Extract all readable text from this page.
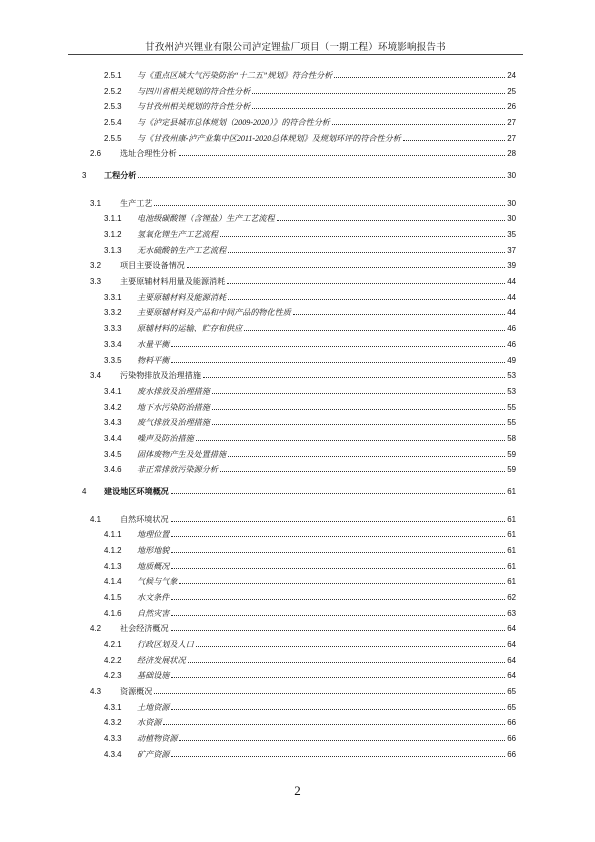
甘孜州泸兴锂业有限公司泸定锂盐厂项目（一期工程）环境影响报告书
2.5.1	与《重点区域大气污染防治“十二五”规划》符合性分析	24
2.5.2	与四川省相关规划的符合性分析	25
2.5.3	与甘孜州相关规划的符合性分析	26
2.5.4	与《泸定县城市总体规划（2009-2020）》的符合性分析	27
2.5.5	与《甘孜州康-泸产业集中区2011-2020总体规划》及规划环评的符合性分析	27
2.6	选址合理性分析	28
3	工程分析	30
3.1	生产工艺	30
3.1.1	电池级碳酸锂（含锂盐）生产工艺流程	30
3.1.2	氢氧化锂生产工艺流程	35
3.1.3	无水硫酸钠生产工艺流程	37
3.2	项目主要设备情况	39
3.3	主要原辅材料用量及能源消耗	44
3.3.1	主要原辅材料及能源消耗	44
3.3.2	主要原辅材料及产品和中间产品的物化性质	44
3.3.3	原辅材料的运输、贮存和供应	46
3.3.4	水量平衡	46
3.3.5	物料平衡	49
3.4	污染物排放及治理措施	53
3.4.1	废水排放及治理措施	53
3.4.2	地下水污染防治措施	55
3.4.3	废气排放及治理措施	55
3.4.4	噪声及防治措施	58
3.4.5	固体废物产生及处置措施	59
3.4.6	非正常排放污染源分析	59
4	建设地区环境概况	61
4.1	自然环境状况	61
4.1.1	地理位置	61
4.1.2	地形地貌	61
4.1.3	地质概况	61
4.1.4	气候与气象	61
4.1.5	水文条件	62
4.1.6	自然灾害	63
4.2	社会经济概况	64
4.2.1	行政区划及人口	64
4.2.2	经济发展状况	64
4.2.3	基础设施	64
4.3	资源概况	65
4.3.1	土地资源	65
4.3.2	水资源	66
4.3.3	动植物资源	66
4.3.4	矿产资源	66
2
